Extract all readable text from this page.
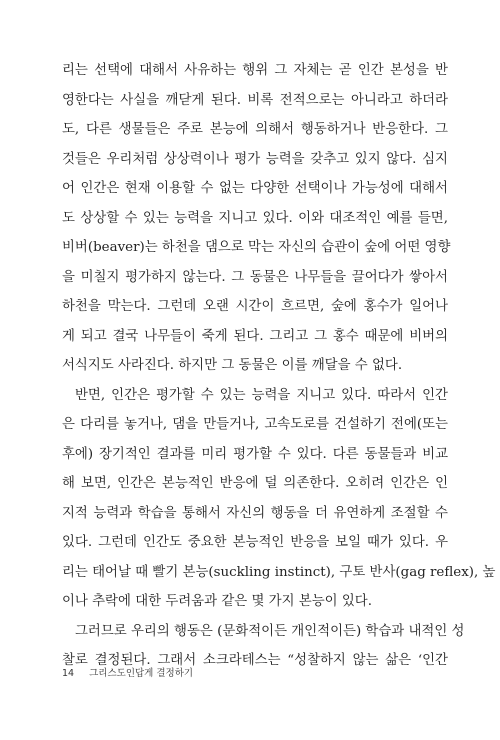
리는 선택에 대해서 사유하는 행위 그 자체는 곧 인간 본성을 반
영한다는 사실을 깨닫게 된다. 비록 전적으로는 아니라고 하더라
도, 다른 생물들은 주로 본능에 의해서 행동하거나 반응한다. 그
것들은 우리처럼 상상력이나 평가 능력을 갖추고 있지 않다. 심지
어 인간은 현재 이용할 수 없는 다양한 선택이나 가능성에 대해서
도 상상할 수 있는 능력을 지니고 있다. 이와 대조적인 예를 들면,
비버(beaver)는 하천을 댐으로 막는 자신의 습관이 숲에 어떤 영향
을 미칠지 평가하지 않는다. 그 동물은 나무들을 끌어다가 쌓아서
하천을 막는다. 그런데 오랜 시간이 흐르면, 숲에 홍수가 일어나
게 되고 결국 나무들이 죽게 된다. 그리고 그 홍수 때문에 비버의
서식지도 사라진다. 하지만 그 동물은 이를 깨달을 수 없다.
반면, 인간은 평가할 수 있는 능력을 지니고 있다. 따라서 인간
은 다리를 놓거나, 댐을 만들거나, 고속도로를 건설하기 전에(또는
후에) 장기적인 결과를 미리 평가할 수 있다. 다른 동물들과 비교
해 보면, 인간은 본능적인 반응에 덜 의존한다. 오히려 인간은 인
지적 능력과 학습을 통해서 자신의 행동을 더 유연하게 조절할 수
있다. 그런데 인간도 중요한 본능적인 반응을 보일 때가 있다. 우
리는 태어날 때 빨기 본능(suckling instinct), 구토 반사(gag reflex), 높
이나 추락에 대한 두려움과 같은 몇 가지 본능이 있다.
그러므로 우리의 행동은 (문화적이든 개인적이든) 학습과 내적인 성
찰로 결정된다. 그래서 소크라테스는 “성찰하지 않는 삶은 ‘인간
14 그리스도인답게 결정하기
